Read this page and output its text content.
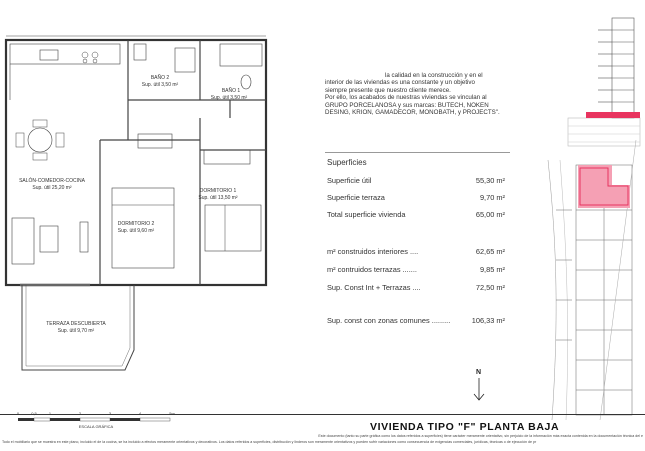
BAÑO 2
Sup. útil 3,50 m²
BAÑO 1
Sup. útil 3,50 m²
SALÓN-COMEDOR-COCINA
Sup. útil 25,20 m²	DORMITORIO 1
Sup. útil 13,50 m²
DORMITORIO 2
Sup. útil 9,60 m²
TERRAZA DESCUBIERTA
Sup. útil 9,70 m²
ESCALA GRÁFICA
la calidad en la construcción y en el
interior de las viviendas es una constante y un objetivo
siempre presente que nuestro cliente merece.
Por ello, los acabados de nuestras viviendas se vinculan al
GRUPO PORCELANOSA y sus marcas: BUTECH, NOKEN
DESING, KRION, GAMADECOR, MONOBATH, y PROJECTS".
Superficies
Superficie útil	55,30 m²
Superficie terraza	9,70 m²
Total superficie vivienda	65,00 m²
m² construidos interiores ....	62,65 m²
m² contruidos terrazas .......	9,85 m²
Sup. Const Int + Terrazas ....	72,50 m²
Sup. const con zonas comunes .........	106,33 m²
N
VIVIENDA TIPO "F" PLANTA BAJA
Este documento (tanto su parte gráfica como los datos referidos a superficies) tiene carácter meramente orientativo, sin perjuicio de la información más exacta contenida en la documentación técnica del e
Todo el mobiliario que se muestra en este plano, incluido el de la cocina, se ha incluido a efectos meramente orientativos y decorativos. Los datos referidos a superficies, distribución y linderos son meramente orientativos y pueden sufrir variaciones como consecuencia de exigencias comerciales, jurídicas, técnicas o de ejecución de pr
